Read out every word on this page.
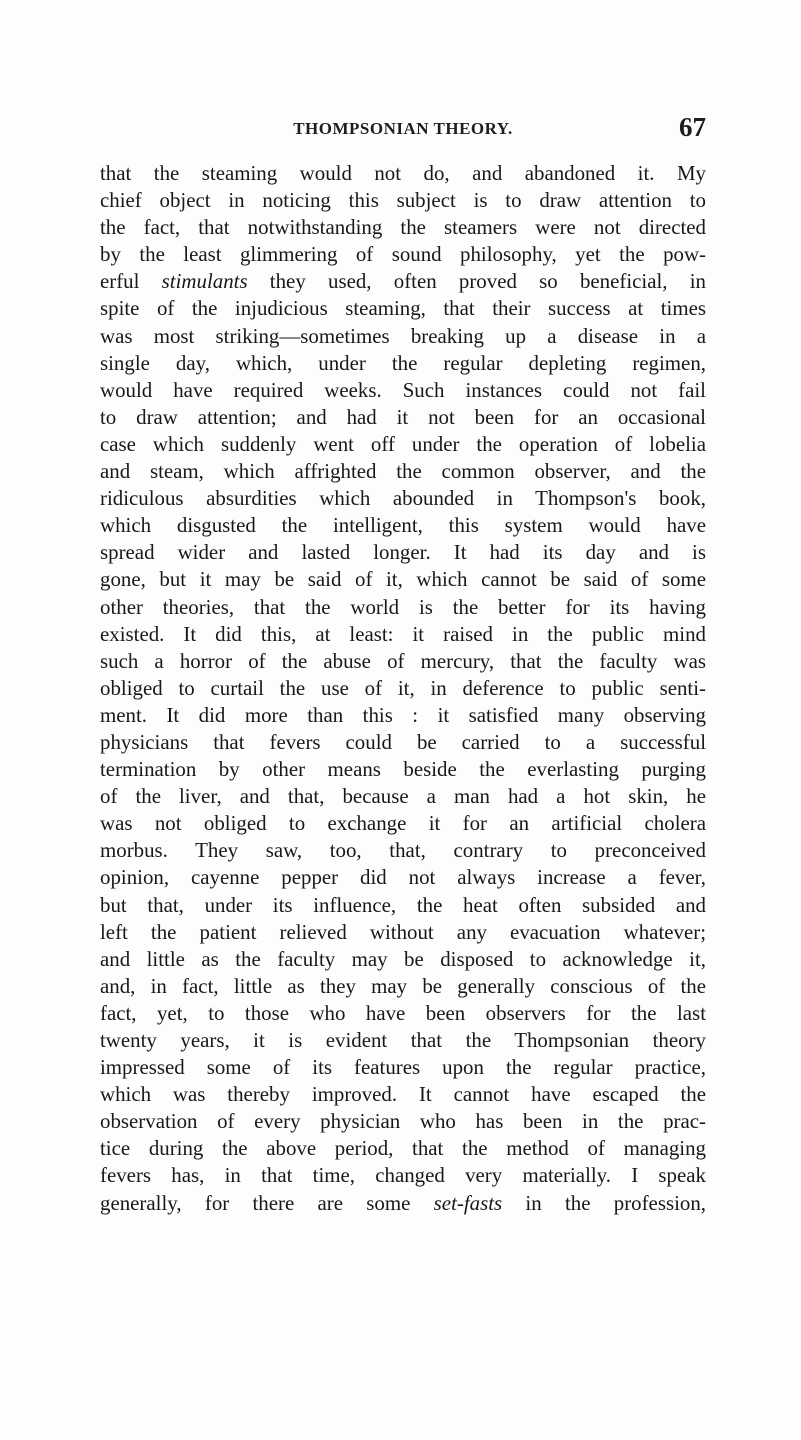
THOMPSONIAN THEORY.	67
that the steaming would not do, and abandoned it. My
chief object in noticing this subject is to draw attention to
the fact, that notwithstanding the steamers were not directed
by the least glimmering of sound philosophy, yet the pow-
erful stimulants they used, often proved so beneficial, in
spite of the injudicious steaming, that their success at times
was most striking—sometimes breaking up a disease in a
single day, which, under the regular depleting regimen,
would have required weeks. Such instances could not fail
to draw attention; and had it not been for an occasional
case which suddenly went off under the operation of lobelia
and steam, which affrighted the common observer, and the
ridiculous absurdities which abounded in Thompson's book,
which disgusted the intelligent, this system would have
spread wider and lasted longer. It had its day and is
gone, but it may be said of it, which cannot be said of some
other theories, that the world is the better for its having
existed. It did this, at least: it raised in the public mind
such a horror of the abuse of mercury, that the faculty was
obliged to curtail the use of it, in deference to public senti-
ment. It did more than this : it satisfied many observing
physicians that fevers could be carried to a successful
termination by other means beside the everlasting purging
of the liver, and that, because a man had a hot skin, he
was not obliged to exchange it for an artificial cholera
morbus. They saw, too, that, contrary to preconceived
opinion, cayenne pepper did not always increase a fever,
but that, under its influence, the heat often subsided and
left the patient relieved without any evacuation whatever;
and little as the faculty may be disposed to acknowledge it,
and, in fact, little as they may be generally conscious of the
fact, yet, to those who have been observers for the last
twenty years, it is evident that the Thompsonian theory
impressed some of its features upon the regular practice,
which was thereby improved. It cannot have escaped the
observation of every physician who has been in the prac-
tice during the above period, that the method of managing
fevers has, in that time, changed very materially. I speak
generally, for there are some set-fasts in the profession,
